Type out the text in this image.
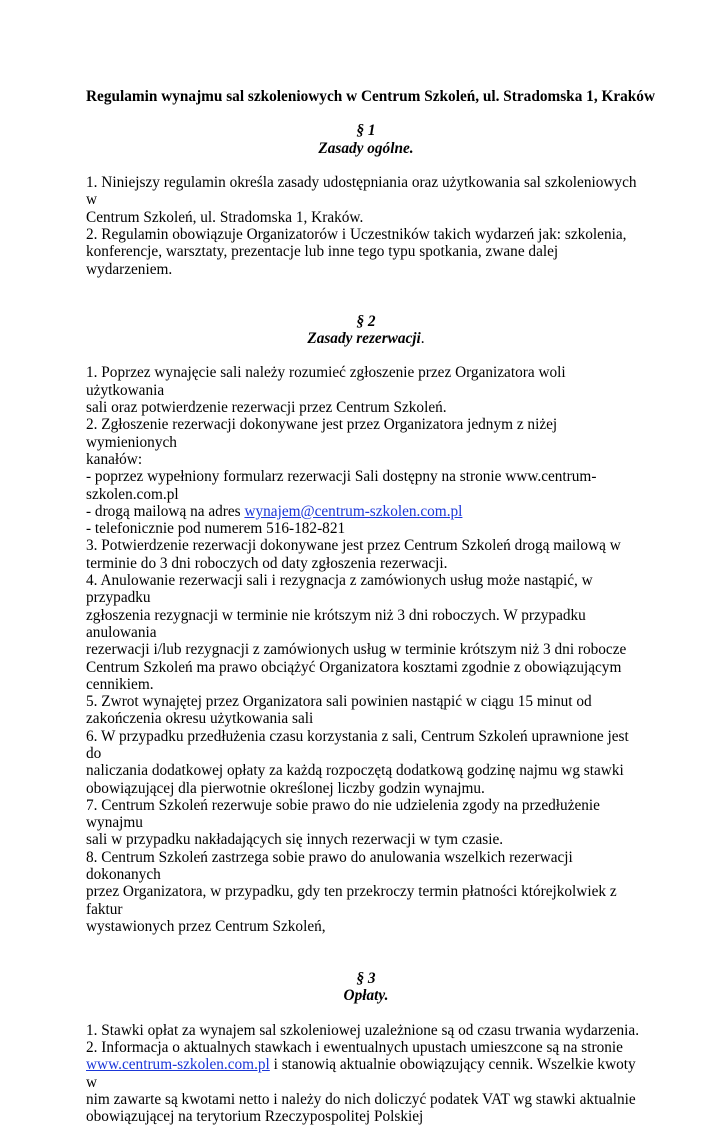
Regulamin wynajmu sal szkoleniowych w Centrum Szkoleń, ul. Stradomska 1, Kraków

§ 1

Zasady ogólne.

1. Niniejszy regulamin określa zasady udostępniania oraz użytkowania sal szkoleniowych w
Centrum Szkoleń, ul. Stradomska 1, Kraków.
2. Regulamin obowiązuje Organizatorów i Uczestników takich wydarzeń jak: szkolenia,
konferencje, warsztaty, prezentacje lub inne tego typu spotkania, zwane dalej wydarzeniem.

§ 2

Zasady rezerwacji.

1. Poprzez wynajęcie sali należy rozumieć zgłoszenie przez Organizatora woli użytkowania
sali oraz potwierdzenie rezerwacji przez Centrum Szkoleń.
2. Zgłoszenie rezerwacji dokonywane jest przez Organizatora jednym z niżej wymienionych
kanałów:
- poprzez wypełniony formularz rezerwacji Sali dostępny na stronie www.centrum-
szkolen.com.pl
- drogą mailową na adres wynajem@centrum-szkolen.com.pl
- telefonicznie pod numerem 516-182-821
3. Potwierdzenie rezerwacji dokonywane jest przez Centrum Szkoleń drogą mailową w
terminie do 3 dni roboczych od daty zgłoszenia rezerwacji.
4. Anulowanie rezerwacji sali i rezygnacja z zamówionych usług może nastąpić, w przypadku
zgłoszenia rezygnacji w terminie nie krótszym niż 3 dni roboczych. W przypadku anulowania
rezerwacji i/lub rezygnacji z zamówionych usług w terminie krótszym niż 3 dni robocze
Centrum Szkoleń ma prawo obciążyć Organizatora kosztami zgodnie z obowiązującym
cennikiem.
5. Zwrot wynajętej przez Organizatora sali powinien nastąpić w ciągu 15 minut od
zakończenia okresu użytkowania sali
6. W przypadku przedłużenia czasu korzystania z sali, Centrum Szkoleń uprawnione jest do
naliczania dodatkowej opłaty za każdą rozpoczętą dodatkową godzinę najmu wg stawki
obowiązującej dla pierwotnie określonej liczby godzin wynajmu.
7. Centrum Szkoleń rezerwuje sobie prawo do nie udzielenia zgody na przedłużenie wynajmu
sali w przypadku nakładających się innych rezerwacji w tym czasie.
8. Centrum Szkoleń zastrzega sobie prawo do anulowania wszelkich rezerwacji dokonanych
przez Organizatora, w przypadku, gdy ten przekroczy termin płatności którejkolwiek z faktur
wystawionych przez Centrum Szkoleń,

§ 3

Opłaty.

1. Stawki opłat za wynajem sal szkoleniowej uzależnione są od czasu trwania wydarzenia.
2. Informacja o aktualnych stawkach i ewentualnych upustach umieszcone są na stronie
www.centrum-szkolen.com.pl i stanowią aktualnie obowiązujący cennik. Wszelkie kwoty w
nim zawarte są kwotami netto i należy do nich doliczyć podatek VAT wg stawki aktualnie
obowiązującej na terytorium Rzeczypospolitej Polskiej
